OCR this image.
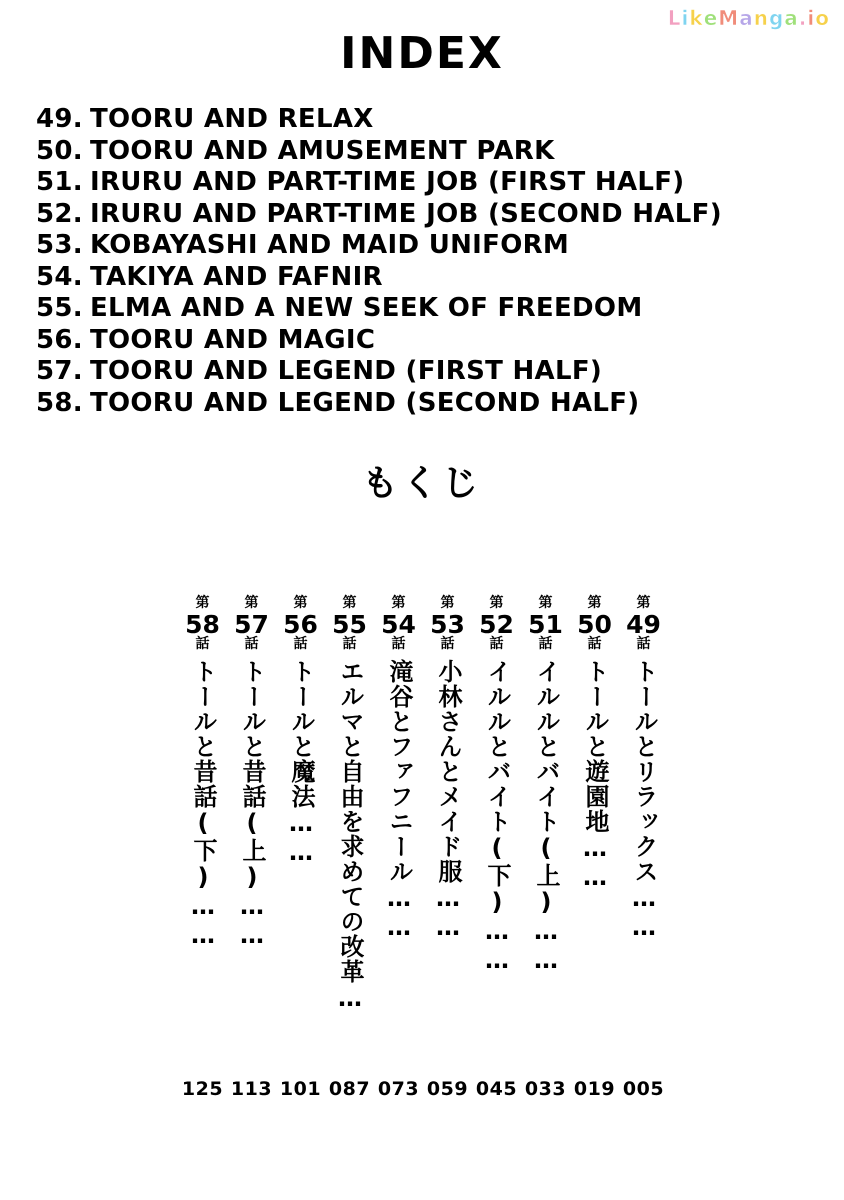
LikeManga.io
INDEX
49. TOORU AND RELAX
50. TOORU AND AMUSEMENT PARK
51. IRURU AND PART-TIME JOB (FIRST HALF)
52. IRURU AND PART-TIME JOB (SECOND HALF)
53. KOBAYASHI AND MAID UNIFORM
54. TAKIYA AND FAFNIR
55. ELMA AND A NEW SEEK OF FREEDOM
56. TOORU AND MAGIC
57. TOORU AND LEGEND (FIRST HALF)
58. TOORU AND LEGEND (SECOND HALF)
もくじ
第
49
話
トールとリラックス……
005
第
50
話
トールと遊園地……
019
第
51
話
イルルとバイト(上)……
033
第
52
話
イルルとバイト(下)……
045
第
53
話
小林さんとメイド服……
059
第
54
話
滝谷とファフニール……
073
第
55
話
エルマと自由を求めての改革…
087
第
56
話
トールと魔法……
101
第
57
話
トールと昔話(上)……
113
第
58
話
トールと昔話(下)……
125
